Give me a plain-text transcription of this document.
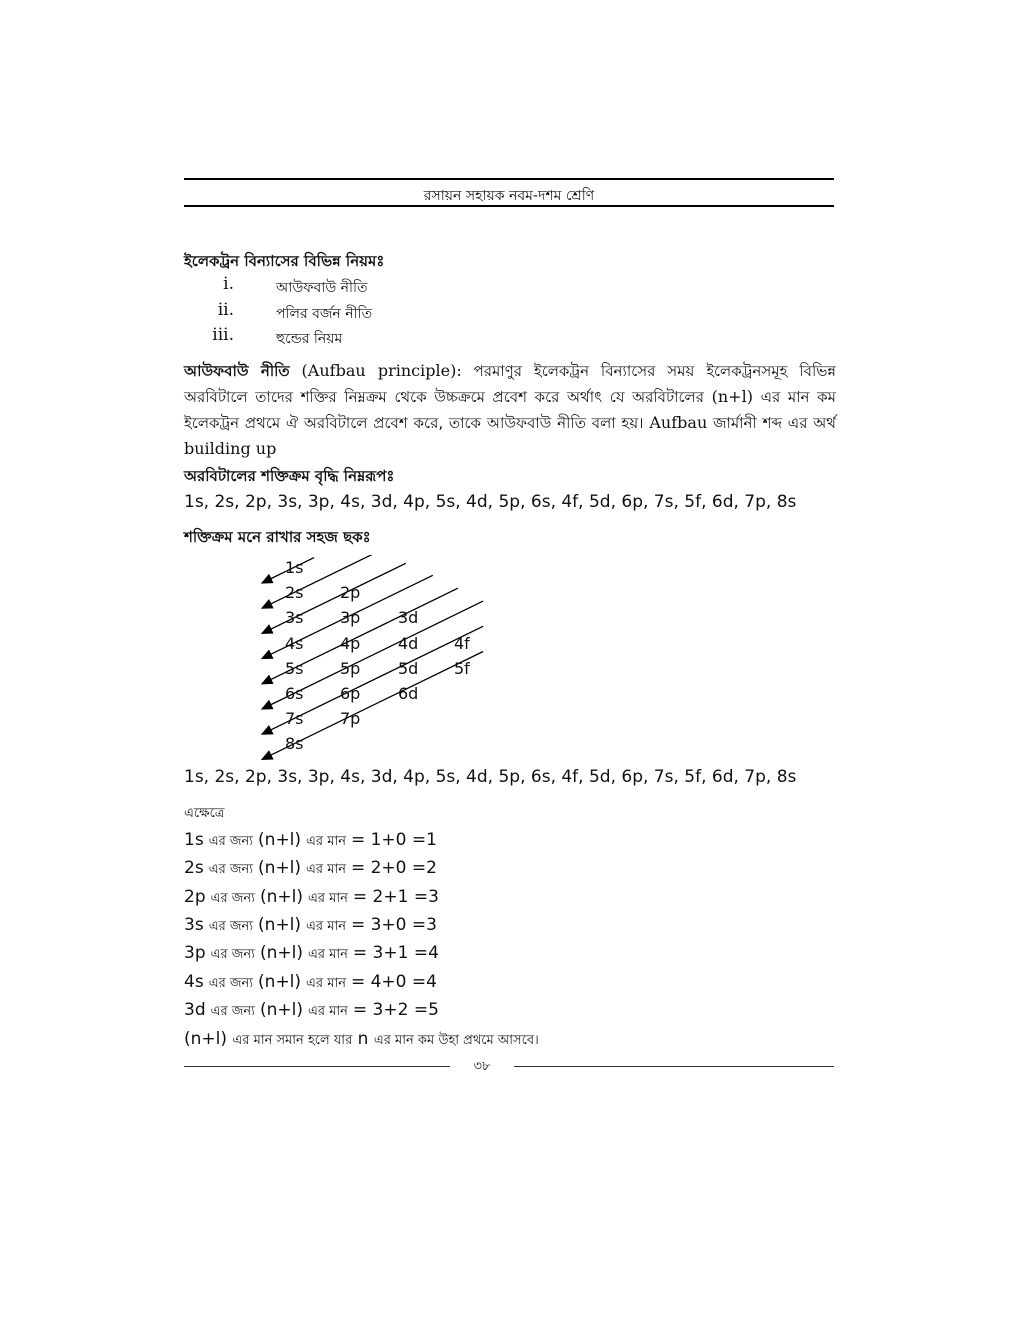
রসায়ন সহায়ক নবম-দশম শ্রেণি
ইলেকট্রন বিন্যাসের বিভিন্ন নিয়মঃ
i.	আউফবাউ নীতি
ii.	পলির বর্জন নীতি
iii.	হুন্ডের নিয়ম
আউফবাউ নীতি (Aufbau principle): পরমাণুর ইলেকট্রন বিন্যাসের সময় ইলেকট্রনসমূহ বিভিন্ন অরবিটালে তাদের শক্তির নিম্নক্রম থেকে উচ্চক্রমে প্রবেশ করে অর্থাৎ যে অরবিটালের (n+l) এর মান কম ইলেকট্রন প্রথমে ঐ অরবিটালে প্রবেশ করে, তাকে আউফবাউ নীতি বলা হয়। Aufbau জার্মানী শব্দ এর অর্থ building up
অরবিটালের শক্তিক্রম বৃদ্ধি নিম্নরূপঃ
1s, 2s, 2p, 3s, 3p, 4s, 3d, 4p, 5s, 4d, 5p, 6s, 4f, 5d, 6p, 7s, 5f, 6d, 7p, 8s
শক্তিক্রম মনে রাখার সহজ ছকঃ
1s
2s 2p
3s 3p 3d
4s 4p 4d 4f
5s 5p 5d 5f
6s 6p 6d
7s 7p
8s
1s, 2s, 2p, 3s, 3p, 4s, 3d, 4p, 5s, 4d, 5p, 6s, 4f, 5d, 6p, 7s, 5f, 6d, 7p, 8s
এক্ষেত্রে
1s এর জন্য (n+l) এর মান = 1+0 =1
2s এর জন্য (n+l) এর মান = 2+0 =2
2p এর জন্য (n+l) এর মান = 2+1 =3
3s এর জন্য (n+l) এর মান = 3+0 =3
3p এর জন্য (n+l) এর মান = 3+1 =4
4s এর জন্য (n+l) এর মান = 4+0 =4
3d এর জন্য (n+l) এর মান = 3+2 =5
(n+l) এর মান সমান হলে যার n এর মান কম উহা প্রথমে আসবে।
৩৮
